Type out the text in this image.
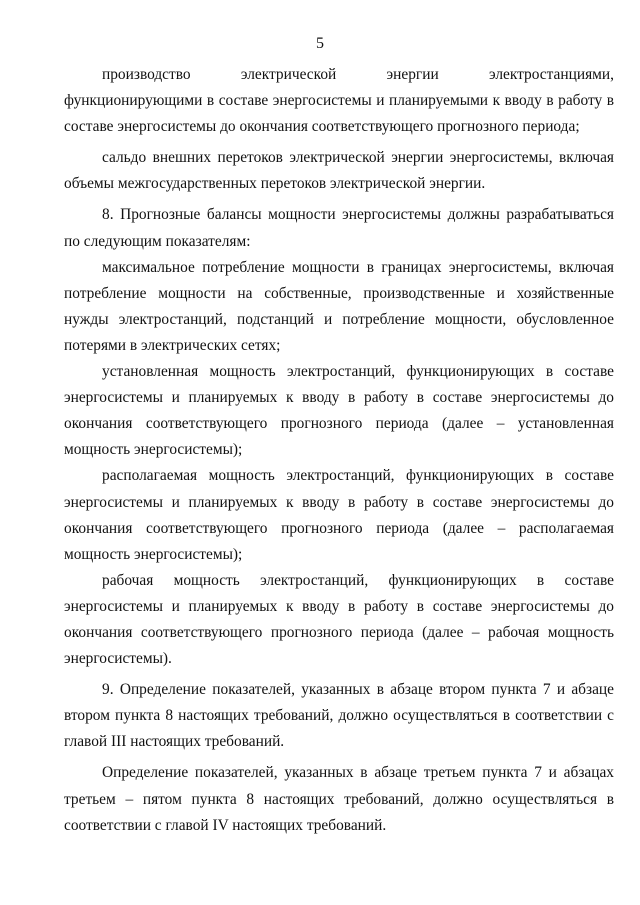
5

производство электрической энергии электростанциями, функционирующими в составе энергосистемы и планируемыми к вводу в работу в составе энергосистемы до окончания соответствующего прогнозного периода;

сальдо внешних перетоков электрической энергии энергосистемы, включая объемы межгосударственных перетоков электрической энергии.

8. Прогнозные балансы мощности энергосистемы должны разрабатываться по следующим показателям:

максимальное потребление мощности в границах энергосистемы, включая потребление мощности на собственные, производственные и хозяйственные нужды электростанций, подстанций и потребление мощности, обусловленное потерями в электрических сетях;

установленная мощность электростанций, функционирующих в составе энергосистемы и планируемых к вводу в работу в составе энергосистемы до окончания соответствующего прогнозного периода (далее – установленная мощность энергосистемы);

располагаемая мощность электростанций, функционирующих в составе энергосистемы и планируемых к вводу в работу в составе энергосистемы до окончания соответствующего прогнозного периода (далее – располагаемая мощность энергосистемы);

рабочая мощность электростанций, функционирующих в составе энергосистемы и планируемых к вводу в работу в составе энергосистемы до окончания соответствующего прогнозного периода (далее – рабочая мощность энергосистемы).

9. Определение показателей, указанных в абзаце втором пункта 7 и абзаце втором пункта 8 настоящих требований, должно осуществляться в соответствии с главой III настоящих требований.

Определение показателей, указанных в абзаце третьем пункта 7 и абзацах третьем – пятом пункта 8 настоящих требований, должно осуществляться в соответствии с главой IV настоящих требований.
